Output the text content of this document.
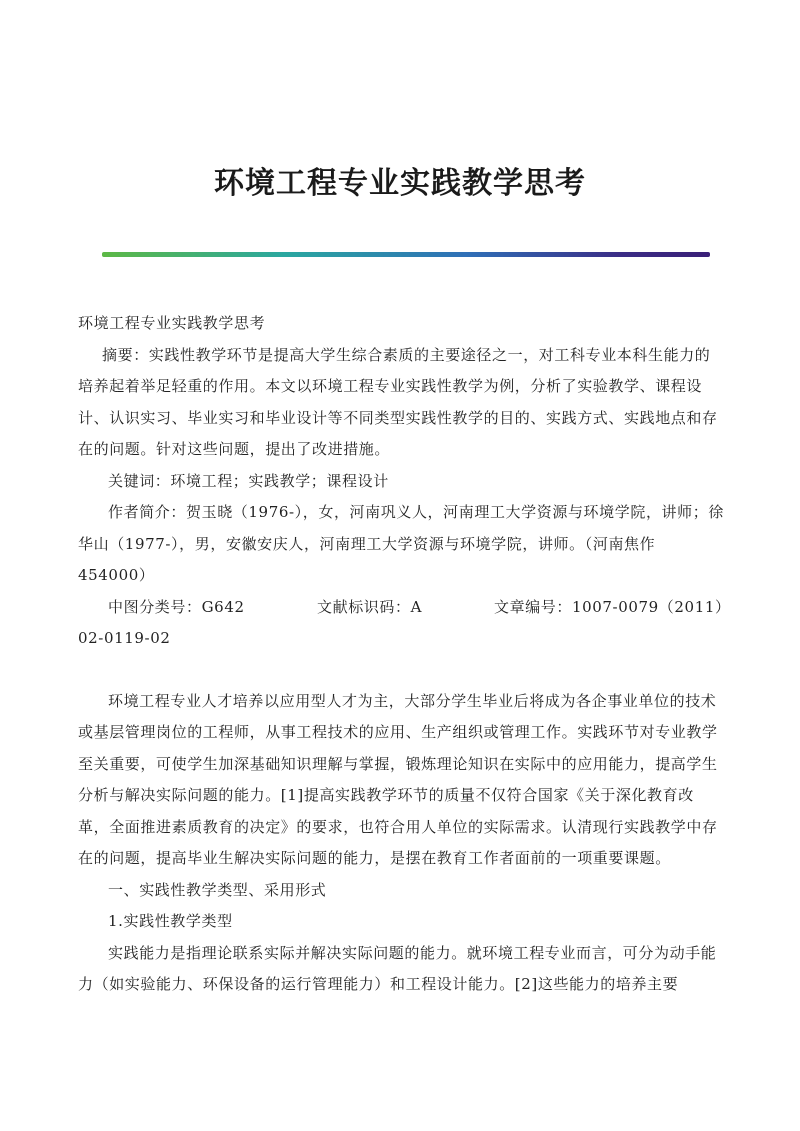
环境工程专业实践教学思考

环境工程专业实践教学思考

摘要：实践性教学环节是提高大学生综合素质的主要途径之一，对工科专业本科生能力的培养起着举足轻重的作用。本文以环境工程专业实践性教学为例，分析了实验教学、课程设计、认识实习、毕业实习和毕业设计等不同类型实践性教学的目的、实践方式、实践地点和存在的问题。针对这些问题，提出了改进措施。

关键词：环境工程；实践教学；课程设计

作者简介：贺玉晓（1976-），女，河南巩义人，河南理工大学资源与环境学院，讲师；徐华山（1977-），男，安徽安庆人，河南理工大学资源与环境学院，讲师。（河南焦作　454000）

中图分类号：G642	文献标识码：A	文章编号：1007-0079（2011）

02-0119-02

环境工程专业人才培养以应用型人才为主，大部分学生毕业后将成为各企事业单位的技术或基层管理岗位的工程师，从事工程技术的应用、生产组织或管理工作。实践环节对专业教学至关重要，可使学生加深基础知识理解与掌握，锻炼理论知识在实际中的应用能力，提高学生分析与解决实际问题的能力。[1]提高实践教学环节的质量不仅符合国家《关于深化教育改革，全面推进素质教育的决定》的要求，也符合用人单位的实际需求。认清现行实践教学中存在的问题，提高毕业生解决实际问题的能力，是摆在教育工作者面前的一项重要课题。

一、实践性教学类型、采用形式

1.实践性教学类型

实践能力是指理论联系实际并解决实际问题的能力。就环境工程专业而言，可分为动手能力（如实验能力、环保设备的运行管理能力）和工程设计能力。[2]这些能力的培养主要
